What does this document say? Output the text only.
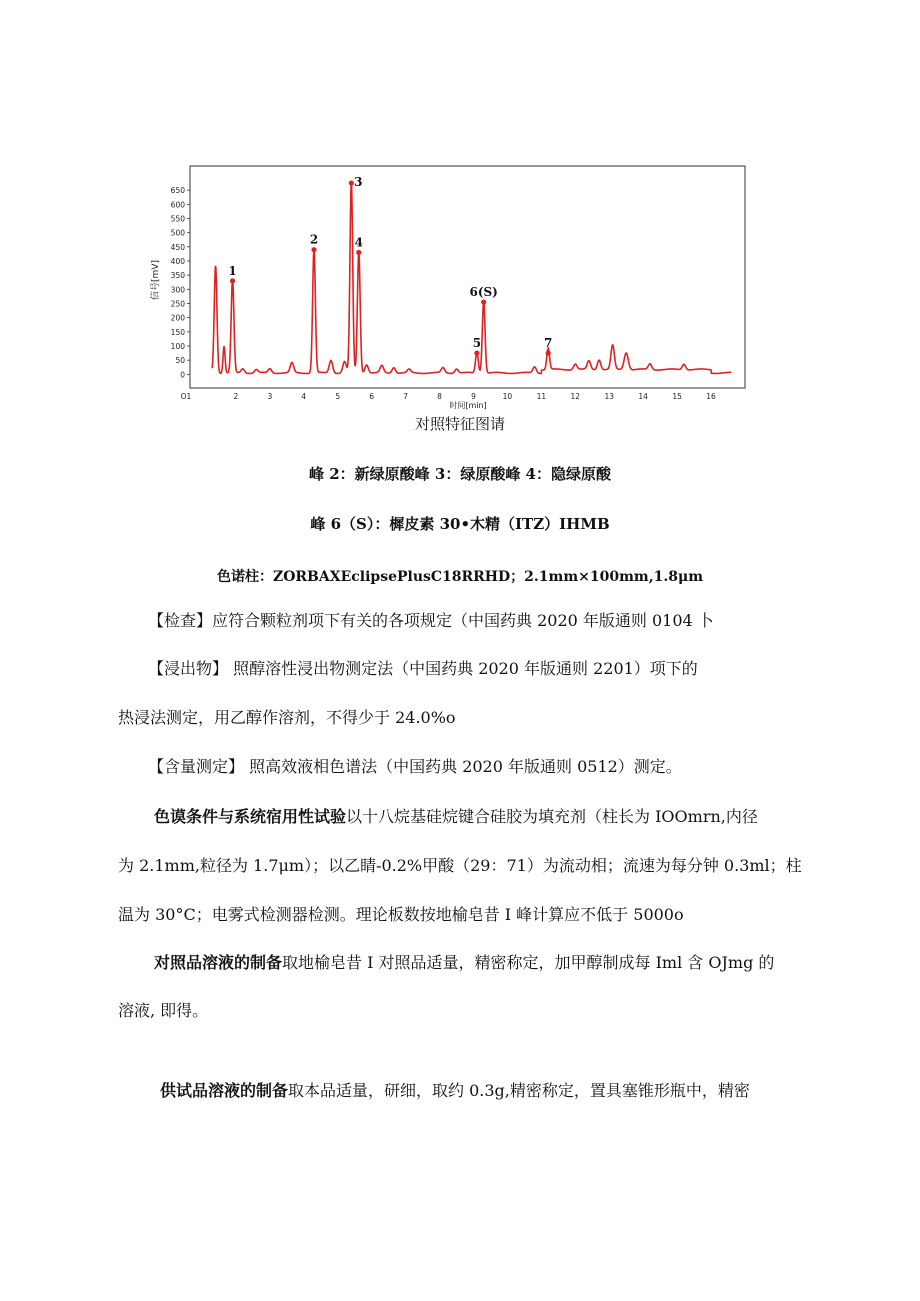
0
50
100
150
200
250
300
350
400
450
500
550
600
650
O1	2	3	4	5	6	7	8	9	10	11	12	13	14	15	16
1
2
3
4
5
6(S)
7
信号[mV]
时间[min]
对照特征图请
峰 2：新绿原酸峰 3：绿原酸峰 4：隐绿原酸
峰 6（S）：樨皮素 30•木精（ITZ）IHMB
色诺柱：ZORBAXEclipsePlusC18RRHD；2.1mm×100mm,1.8μm
【检查】应符合颗粒剂项下有关的各项规定（中国药典 2020 年版通则 0104 卜
【浸出物】 照醇溶性浸出物测定法（中国药典 2020 年版通则 2201）项下的
热浸法测定，用乙醇作溶剂，不得少于 24.0%o
【含量测定】 照高效液相色谱法（中国药典 2020 年版通则 0512）测定。
色谟条件与系统宿用性试验以十八烷基硅烷键合硅胶为填充剂（柱长为 IOOmrn,内径
为 2.1mm,粒径为 1.7μm）；以乙睛-0.2%甲酸（29：71）为流动相；流速为每分钟 0.3ml；柱
温为 30°C；电雾式检测器检测。理论板数按地榆皂昔 I 峰计算应不低于 5000o
对照品溶液的制备取地榆皂昔 I 对照品适量，精密称定，加甲醇制成每 Iml 含 OJmg 的
溶液, 即得。
供试品溶液的制备取本品适量，研细，取约 0.3g,精密称定，置具塞锥形瓶中，精密
